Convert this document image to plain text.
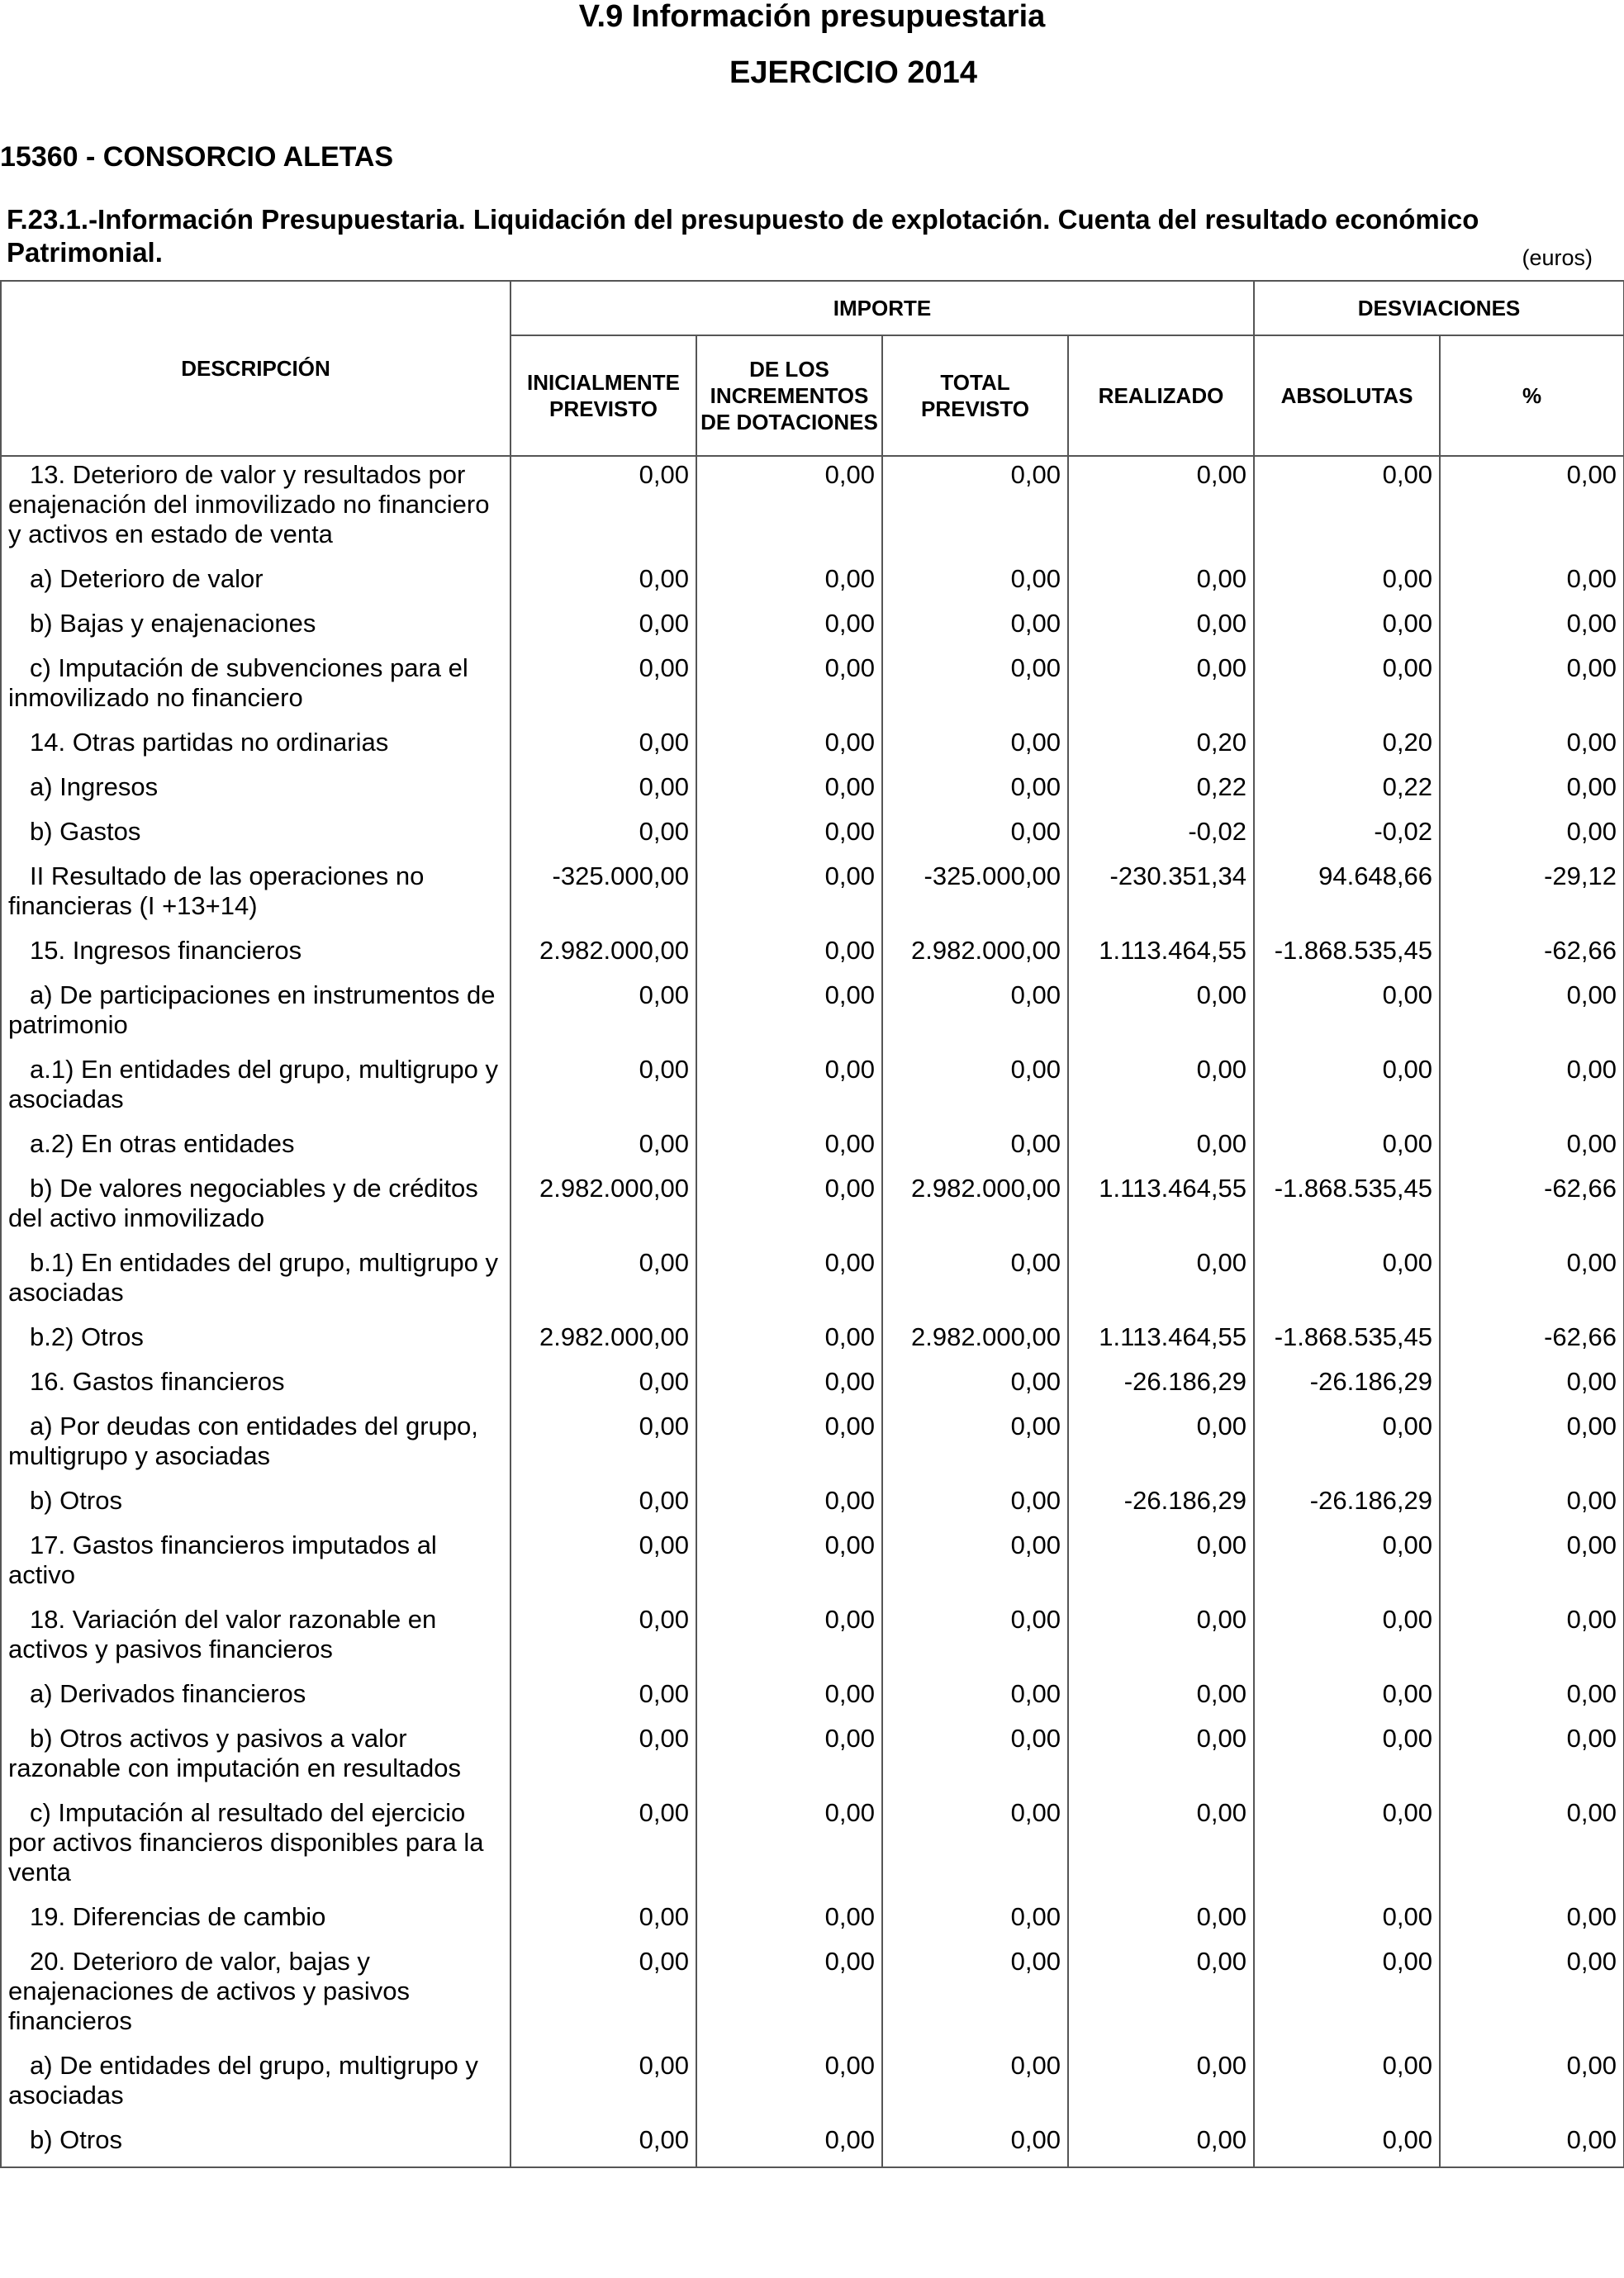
V.9 Información presupuestaria
EJERCICIO 2014
15360 - CONSORCIO ALETAS
F.23.1.-Información Presupuestaria. Liquidación del presupuesto de explotación. Cuenta del resultado económico Patrimonial.	(euros)
DESCRIPCIÓN	IMPORTE				DESVIACIONES	
	INICIALMENTE PREVISTO	DE LOS INCREMENTOS DE DOTACIONES	TOTAL PREVISTO	REALIZADO	ABSOLUTAS	%
13. Deterioro de valor y resultados por enajenación del inmovilizado no financiero y activos en estado de venta	0,00	0,00	0,00	0,00	0,00	0,00
a) Deterioro de valor	0,00	0,00	0,00	0,00	0,00	0,00
b) Bajas y enajenaciones	0,00	0,00	0,00	0,00	0,00	0,00
c) Imputación de subvenciones para el inmovilizado no financiero	0,00	0,00	0,00	0,00	0,00	0,00
14. Otras partidas no ordinarias	0,00	0,00	0,00	0,20	0,20	0,00
a) Ingresos	0,00	0,00	0,00	0,22	0,22	0,00
b) Gastos	0,00	0,00	0,00	-0,02	-0,02	0,00
II Resultado de las operaciones no financieras (I +13+14)	-325.000,00	0,00	-325.000,00	-230.351,34	94.648,66	-29,12
15. Ingresos financieros	2.982.000,00	0,00	2.982.000,00	1.113.464,55	-1.868.535,45	-62,66
a) De participaciones en instrumentos de patrimonio	0,00	0,00	0,00	0,00	0,00	0,00
a.1) En entidades del grupo, multigrupo y asociadas	0,00	0,00	0,00	0,00	0,00	0,00
a.2) En otras entidades	0,00	0,00	0,00	0,00	0,00	0,00
b) De valores negociables y de créditos del activo inmovilizado	2.982.000,00	0,00	2.982.000,00	1.113.464,55	-1.868.535,45	-62,66
b.1) En entidades del grupo, multigrupo y asociadas	0,00	0,00	0,00	0,00	0,00	0,00
b.2) Otros	2.982.000,00	0,00	2.982.000,00	1.113.464,55	-1.868.535,45	-62,66
16. Gastos financieros	0,00	0,00	0,00	-26.186,29	-26.186,29	0,00
a) Por deudas con entidades del grupo, multigrupo y asociadas	0,00	0,00	0,00	0,00	0,00	0,00
b) Otros	0,00	0,00	0,00	-26.186,29	-26.186,29	0,00
17. Gastos financieros imputados al activo	0,00	0,00	0,00	0,00	0,00	0,00
18. Variación del valor razonable en activos y pasivos financieros	0,00	0,00	0,00	0,00	0,00	0,00
a) Derivados financieros	0,00	0,00	0,00	0,00	0,00	0,00
b) Otros activos y pasivos a valor razonable con imputación en resultados	0,00	0,00	0,00	0,00	0,00	0,00
c) Imputación al resultado del ejercicio por activos financieros disponibles para la venta	0,00	0,00	0,00	0,00	0,00	0,00
19. Diferencias de cambio	0,00	0,00	0,00	0,00	0,00	0,00
20. Deterioro de valor, bajas y enajenaciones de activos y pasivos financieros	0,00	0,00	0,00	0,00	0,00	0,00
a) De entidades del grupo, multigrupo y asociadas	0,00	0,00	0,00	0,00	0,00	0,00
b) Otros	0,00	0,00	0,00	0,00	0,00	0,00
